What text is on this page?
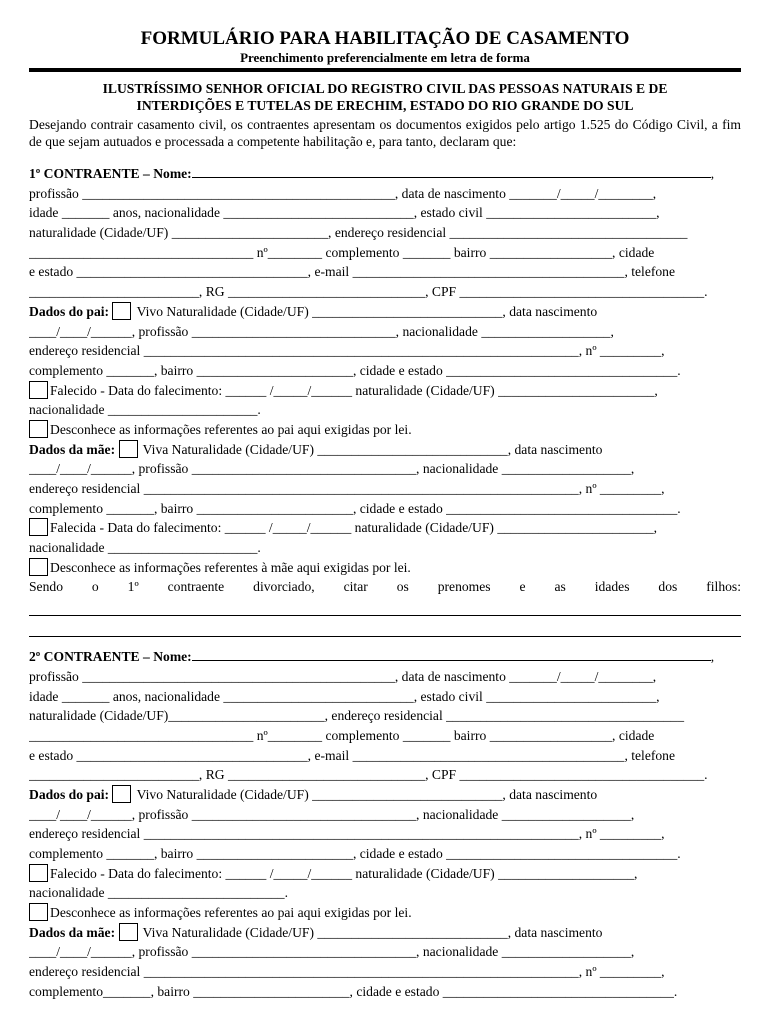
FORMULÁRIO PARA HABILITAÇÃO DE CASAMENTO
Preenchimento preferencialmente em letra de forma
ILUSTRÍSSIMO SENHOR OFICIAL DO REGISTRO CIVIL DAS PESSOAS NATURAIS E DE
INTERDIÇÕES E TUTELAS DE ERECHIM, ESTADO DO RIO GRANDE DO SUL
Desejando contrair casamento civil, os contraentes apresentam os documentos exigidos pelo artigo 1.525 do Código Civil, a fim de que sejam autuados e processada a competente habilitação e, para tanto, declaram que:
1º CONTRAENTE – Nome:	,
profissão ______________________________________________, data de nascimento _______/_____/________,
idade _______ anos, nacionalidade ____________________________, estado civil _________________________,
naturalidade (Cidade/UF) _______________________, endereço residencial ___________________________________
_________________________________ nº________ complemento _______ bairro __________________, cidade
e estado __________________________________, e-mail ________________________________________, telefone
_________________________, RG _____________________________, CPF ____________________________________.
Dados do pai: Vivo Naturalidade (Cidade/UF) ____________________________, data nascimento
____/____/______, profissão ______________________________, nacionalidade ___________________,
endereço residencial ________________________________________________________________, nº _________,
complemento _______, bairro _______________________, cidade e estado __________________________________.
Falecido - Data do falecimento: ______ /_____/______ naturalidade (Cidade/UF) _______________________,
nacionalidade ______________________.
Desconhece as informações referentes ao pai aqui exigidas por lei.
Dados da mãe: Viva Naturalidade (Cidade/UF) ____________________________, data nascimento
____/____/______, profissão _________________________________, nacionalidade ___________________,
endereço residencial ________________________________________________________________, nº _________,
complemento _______, bairro _______________________, cidade e estado __________________________________.
Falecida - Data do falecimento: ______ /_____/______ naturalidade (Cidade/UF) _______________________,
nacionalidade ______________________.
Desconhece as informações referentes à mãe aqui exigidas por lei.
Sendo o 1º contraente divorciado, citar os prenomes e as idades dos filhos:
2º CONTRAENTE – Nome:	,
profissão ______________________________________________, data de nascimento _______/_____/________,
idade _______ anos, nacionalidade ____________________________, estado civil _________________________,
naturalidade (Cidade/UF)_______________________, endereço residencial ___________________________________
_________________________________ nº________ complemento _______ bairro __________________, cidade
e estado __________________________________, e-mail ________________________________________, telefone
_________________________, RG _____________________________, CPF ____________________________________.
Dados do pai: Vivo Naturalidade (Cidade/UF) ____________________________, data nascimento
____/____/______, profissão _________________________________, nacionalidade ___________________,
endereço residencial ________________________________________________________________, nº _________,
complemento _______, bairro _______________________, cidade e estado __________________________________.
Falecido - Data do falecimento: ______ /_____/______ naturalidade (Cidade/UF) ____________________,
nacionalidade __________________________.
Desconhece as informações referentes ao pai aqui exigidas por lei.
Dados da mãe: Viva Naturalidade (Cidade/UF) ____________________________, data nascimento
____/____/______, profissão _________________________________, nacionalidade ___________________,
endereço residencial ________________________________________________________________, nº _________,
complemento_______, bairro _______________________, cidade e estado __________________________________.
